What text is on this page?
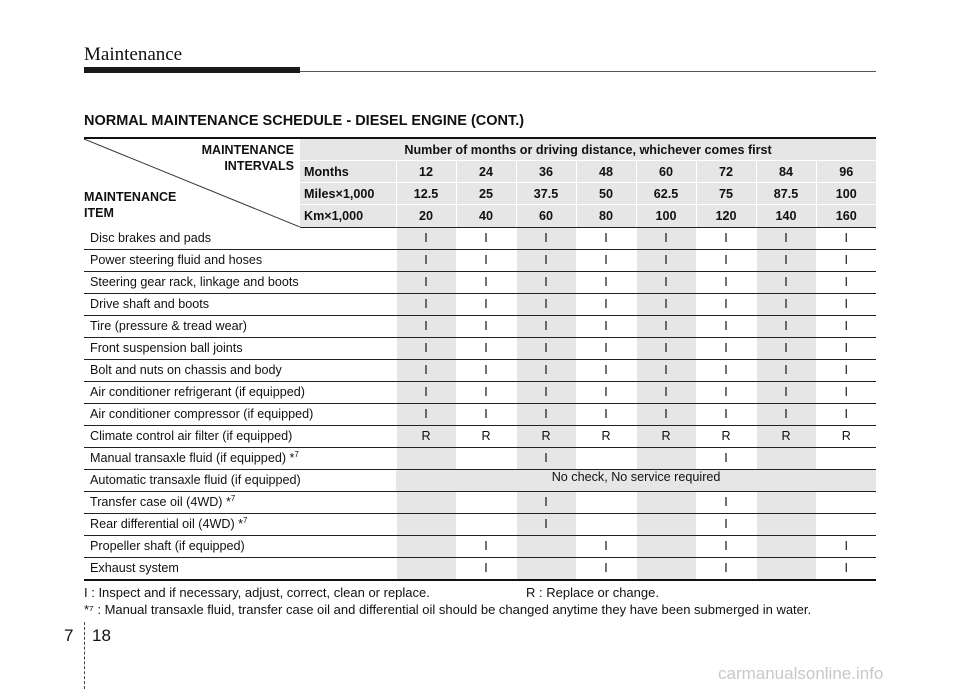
Maintenance
NORMAL MAINTENANCE SCHEDULE - DIESEL ENGINE (CONT.)
MAINTENANCE
INTERVALS
MAINTENANCE
ITEM	Number of months or driving distance, whichever comes first								
	Months	12	24	36	48	60	72	84	96
	Miles×1,000	12.5	25	37.5	50	62.5	75	87.5	100
	Km×1,000	20	40	60	80	100	120	140	160
Disc brakes and pads		I	I	I	I	I	I	I	I
Power steering fluid and hoses		I	I	I	I	I	I	I	I
Steering gear rack, linkage and boots		I	I	I	I	I	I	I	I
Drive shaft and boots		I	I	I	I	I	I	I	I
Tire (pressure & tread wear)		I	I	I	I	I	I	I	I
Front suspension ball joints		I	I	I	I	I	I	I	I
Bolt and nuts on chassis and body		I	I	I	I	I	I	I	I
Air conditioner refrigerant (if equipped)		I	I	I	I	I	I	I	I
Air conditioner compressor (if equipped)		I	I	I	I	I	I	I	I
Climate control air filter (if equipped)		R	R	R	R	R	R	R	R
Manual transaxle fluid (if equipped) *$^7$				I			I		
Automatic transaxle fluid (if equipped)		No check, No service required							
Transfer case oil (4WD) *$^7$				I			I		
Rear differential oil (4WD) *$^7$				I			I		
Propeller shaft (if equipped)			I		I		I		I
Exhaust system			I		I		I		I
I : Inspect and if necessary, adjust, correct, clean or replace.	R : Replace or change.
*⁷ : Manual transaxle fluid, transfer case oil and differential oil should be changed anytime they have been submerged in water.
7 18
carmanualsonline.info
